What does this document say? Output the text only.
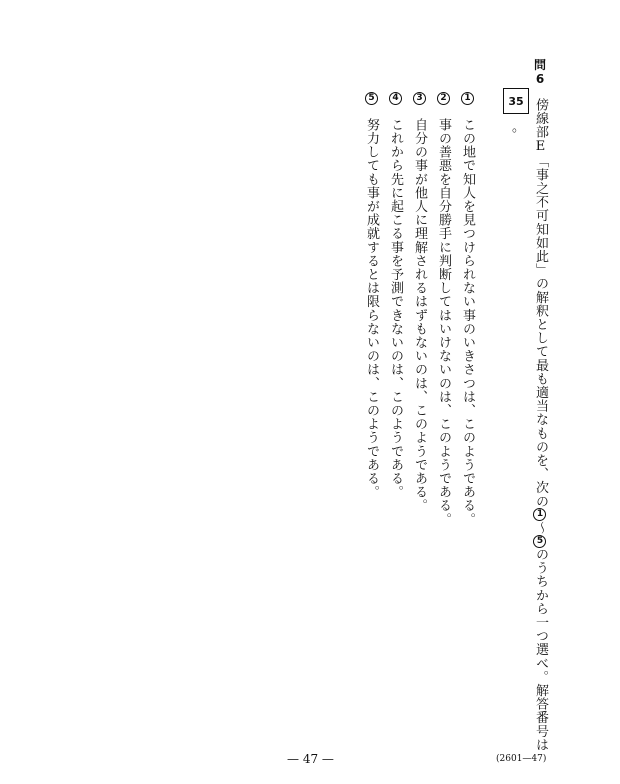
問
6
傍線部E「事之不可知如此」の解釈として最も適当なものを、次の1〜5のうちから一つ選べ。解答番号は
35
。
1
この地で知人を見つけられない事のいきさつは、このようである。
2
事の善悪を自分勝手に判断してはいけないのは、このようである。
3
自分の事が他人に理解されるはずもないのは、このようである。
4
これから先に起こる事を予測できないのは、このようである。
5
努力しても事が成就するとは限らないのは、このようである。
— 47 —	(2601—47)
